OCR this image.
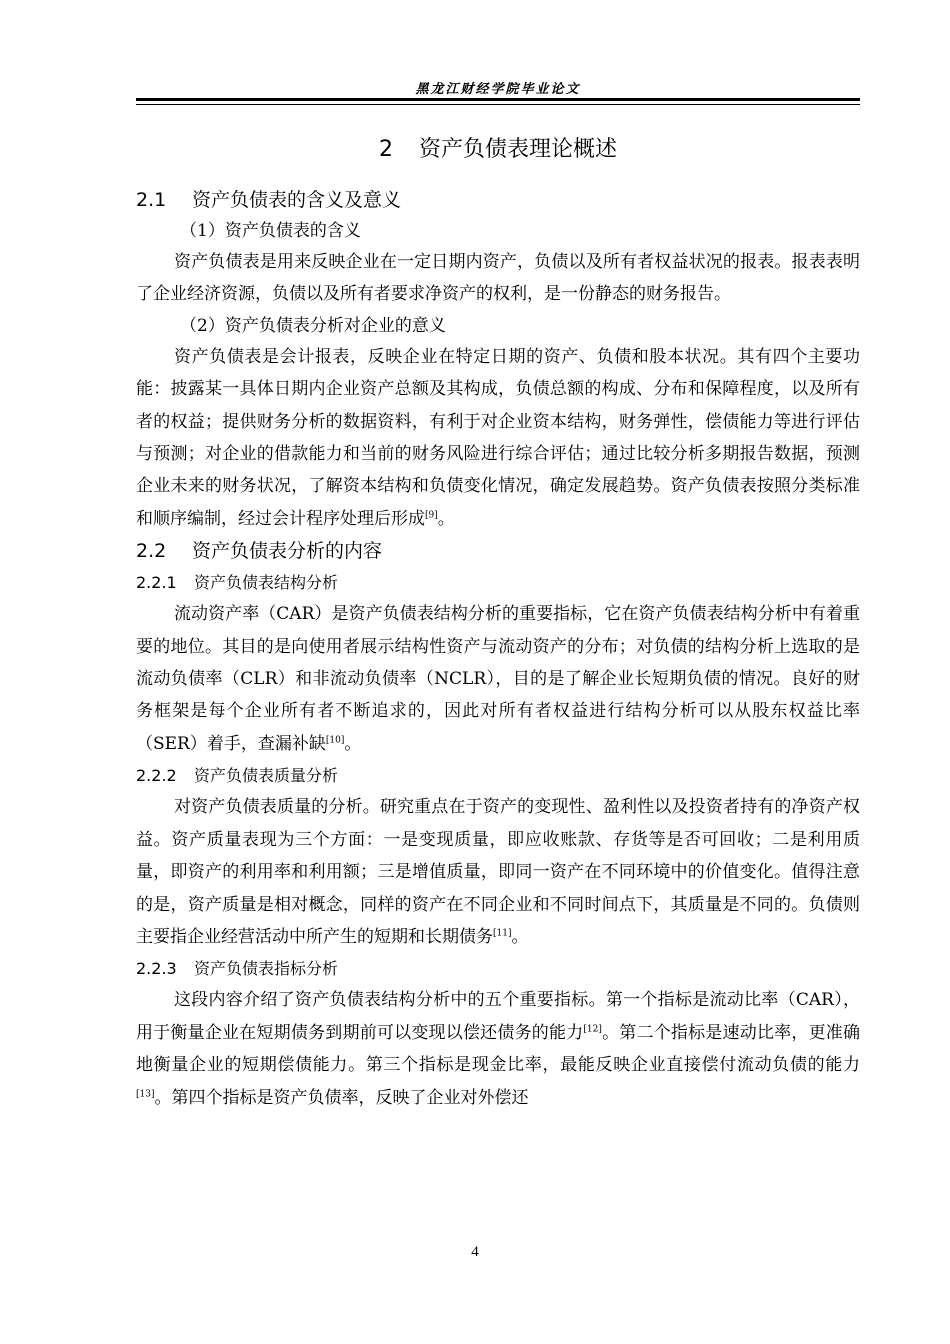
黑龙江财经学院毕业论文
2 资产负债表理论概述
2.1 资产负债表的含义及意义
（1）资产负债表的含义

资产负债表是用来反映企业在一定日期内资产，负债以及所有者权益状况的报表。报表表明了企业经济资源，负债以及所有者要求净资产的权利，是一份静态的财务报告。

（2）资产负债表分析对企业的意义

资产负债表是会计报表，反映企业在特定日期的资产、负债和股本状况。其有四个主要功能：披露某一具体日期内企业资产总额及其构成，负债总额的构成、分布和保障程度，以及所有者的权益；提供财务分析的数据资料，有利于对企业资本结构，财务弹性，偿债能力等进行评估与预测；对企业的借款能力和当前的财务风险进行综合评估；通过比较分析多期报告数据，预测企业未来的财务状况，了解资本结构和负债变化情况，确定发展趋势。资产负债表按照分类标准和顺序编制，经过会计程序处理后形成[9]。

2.2 资产负债表分析的内容
2.2.1 资产负债表结构分析

流动资产率（CAR）是资产负债表结构分析的重要指标，它在资产负债表结构分析中有着重要的地位。其目的是向使用者展示结构性资产与流动资产的分布；对负债的结构分析上选取的是流动负债率（CLR）和非流动负债率（NCLR），目的是了解企业长短期负债的情况。良好的财务框架是每个企业所有者不断追求的，因此对所有者权益进行结构分析可以从股东权益比率（SER）着手，查漏补缺[10]。

2.2.2 资产负债表质量分析

对资产负债表质量的分析。研究重点在于资产的变现性、盈利性以及投资者持有的净资产权益。资产质量表现为三个方面：一是变现质量，即应收账款、存货等是否可回收；二是利用质量，即资产的利用率和利用额；三是增值质量，即同一资产在不同环境中的价值变化。值得注意的是，资产质量是相对概念，同样的资产在不同企业和不同时间点下，其质量是不同的。负债则主要指企业经营活动中所产生的短期和长期债务[11]。

2.2.3 资产负债表指标分析

这段内容介绍了资产负债表结构分析中的五个重要指标。第一个指标是流动比率（CAR），用于衡量企业在短期债务到期前可以变现以偿还债务的能力[12]。第二个指标是速动比率，更准确地衡量企业的短期偿债能力。第三个指标是现金比率，最能反映企业直接偿付流动负债的能力[13]。第四个指标是资产负债率，反映了企业对外偿还

4
